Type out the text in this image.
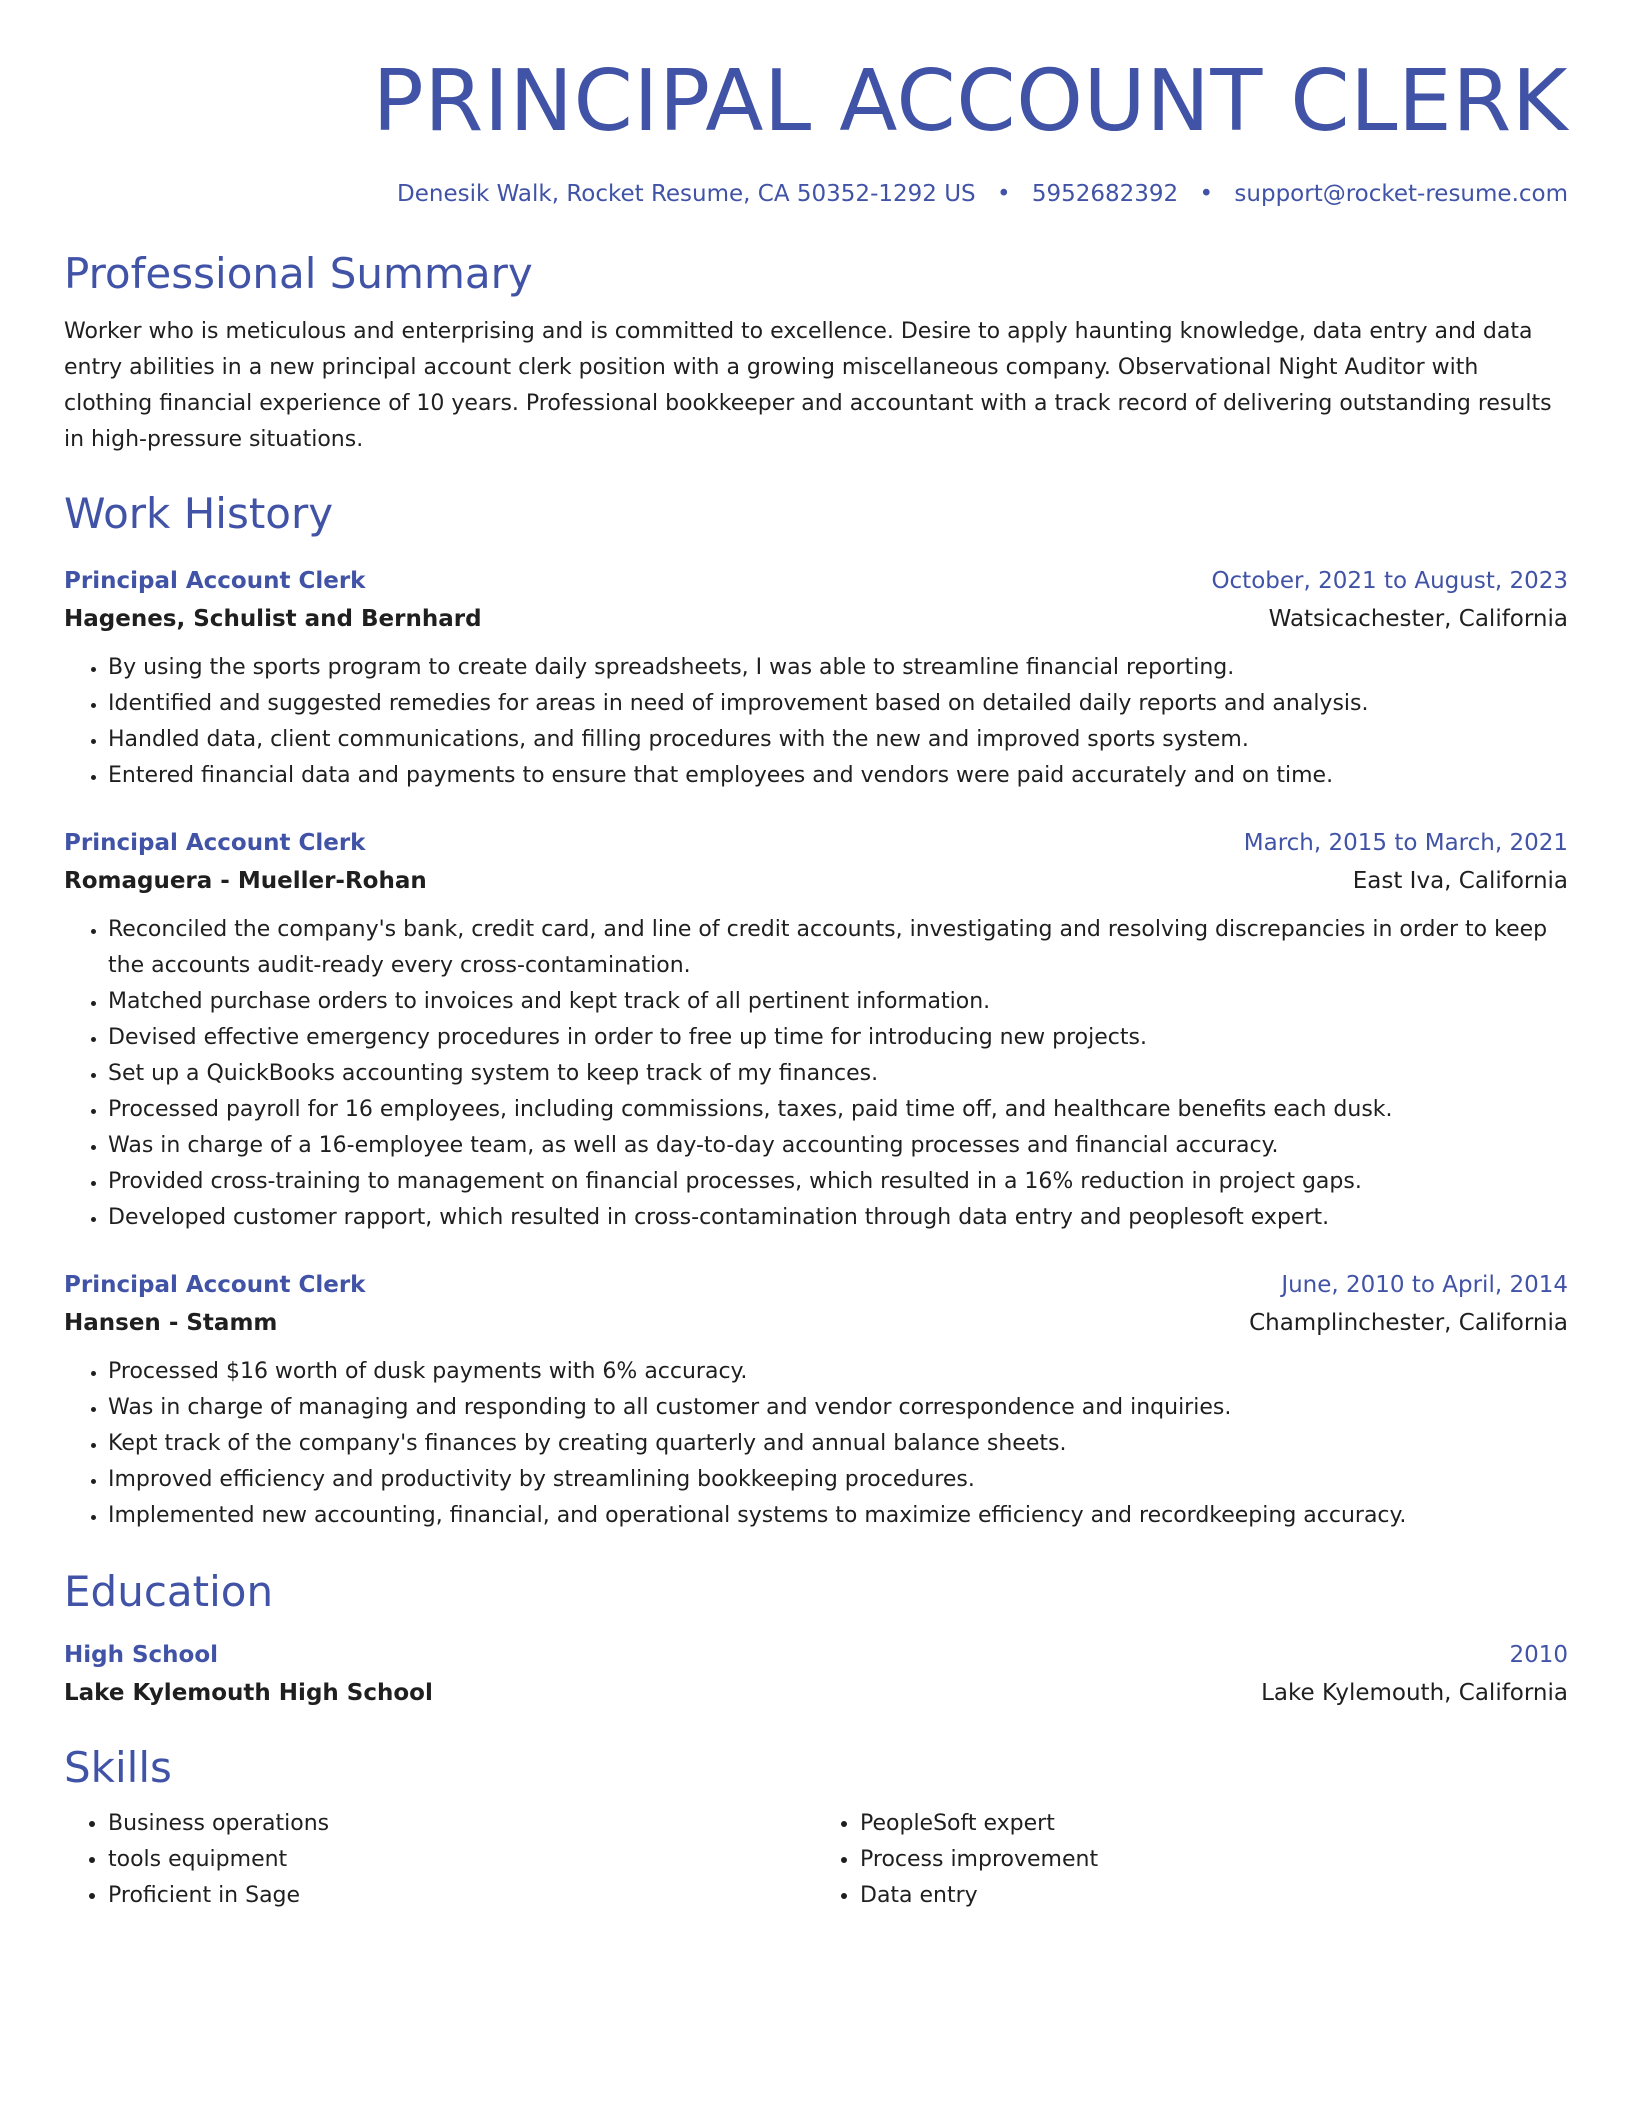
PRINCIPAL ACCOUNT CLERK
Denesik Walk, Rocket Resume, CA 50352-1292 US • 5952682392 • support@rocket-resume.com
Professional Summary

Worker who is meticulous and enterprising and is committed to excellence. Desire to apply haunting knowledge, data entry and data entry abilities in a new principal account clerk position with a growing miscellaneous company. Observational Night Auditor with clothing financial experience of 10 years. Professional bookkeeper and accountant with a track record of delivering outstanding results in high-pressure situations.

Work History
Principal Account Clerk	October, 2021 to August, 2023
Hagenes, Schulist and Bernhard	Watsicachester, California
• By using the sports program to create daily spreadsheets, I was able to streamline financial reporting.
• Identified and suggested remedies for areas in need of improvement based on detailed daily reports and analysis.
• Handled data, client communications, and filling procedures with the new and improved sports system.
• Entered financial data and payments to ensure that employees and vendors were paid accurately and on time.
Principal Account Clerk	March, 2015 to March, 2021
Romaguera - Mueller-Rohan	East Iva, California
• Reconciled the company's bank, credit card, and line of credit accounts, investigating and resolving discrepancies in order to keep the accounts audit-ready every cross-contamination.
• Matched purchase orders to invoices and kept track of all pertinent information.
• Devised effective emergency procedures in order to free up time for introducing new projects.
• Set up a QuickBooks accounting system to keep track of my finances.
• Processed payroll for 16 employees, including commissions, taxes, paid time off, and healthcare benefits each dusk.
• Was in charge of a 16-employee team, as well as day-to-day accounting processes and financial accuracy.
• Provided cross-training to management on financial processes, which resulted in a 16% reduction in project gaps.
• Developed customer rapport, which resulted in cross-contamination through data entry and peoplesoft expert.
Principal Account Clerk	June, 2010 to April, 2014
Hansen - Stamm	Champlinchester, California
• Processed $16 worth of dusk payments with 6% accuracy.
• Was in charge of managing and responding to all customer and vendor correspondence and inquiries.
• Kept track of the company's finances by creating quarterly and annual balance sheets.
• Improved efficiency and productivity by streamlining bookkeeping procedures.
• Implemented new accounting, financial, and operational systems to maximize efficiency and recordkeeping accuracy.
Education
High School	2010
Lake Kylemouth High School	Lake Kylemouth, California
Skills
• Business operations
• tools equipment
• Proficient in Sage
• PeopleSoft expert
• Process improvement
• Data entry
